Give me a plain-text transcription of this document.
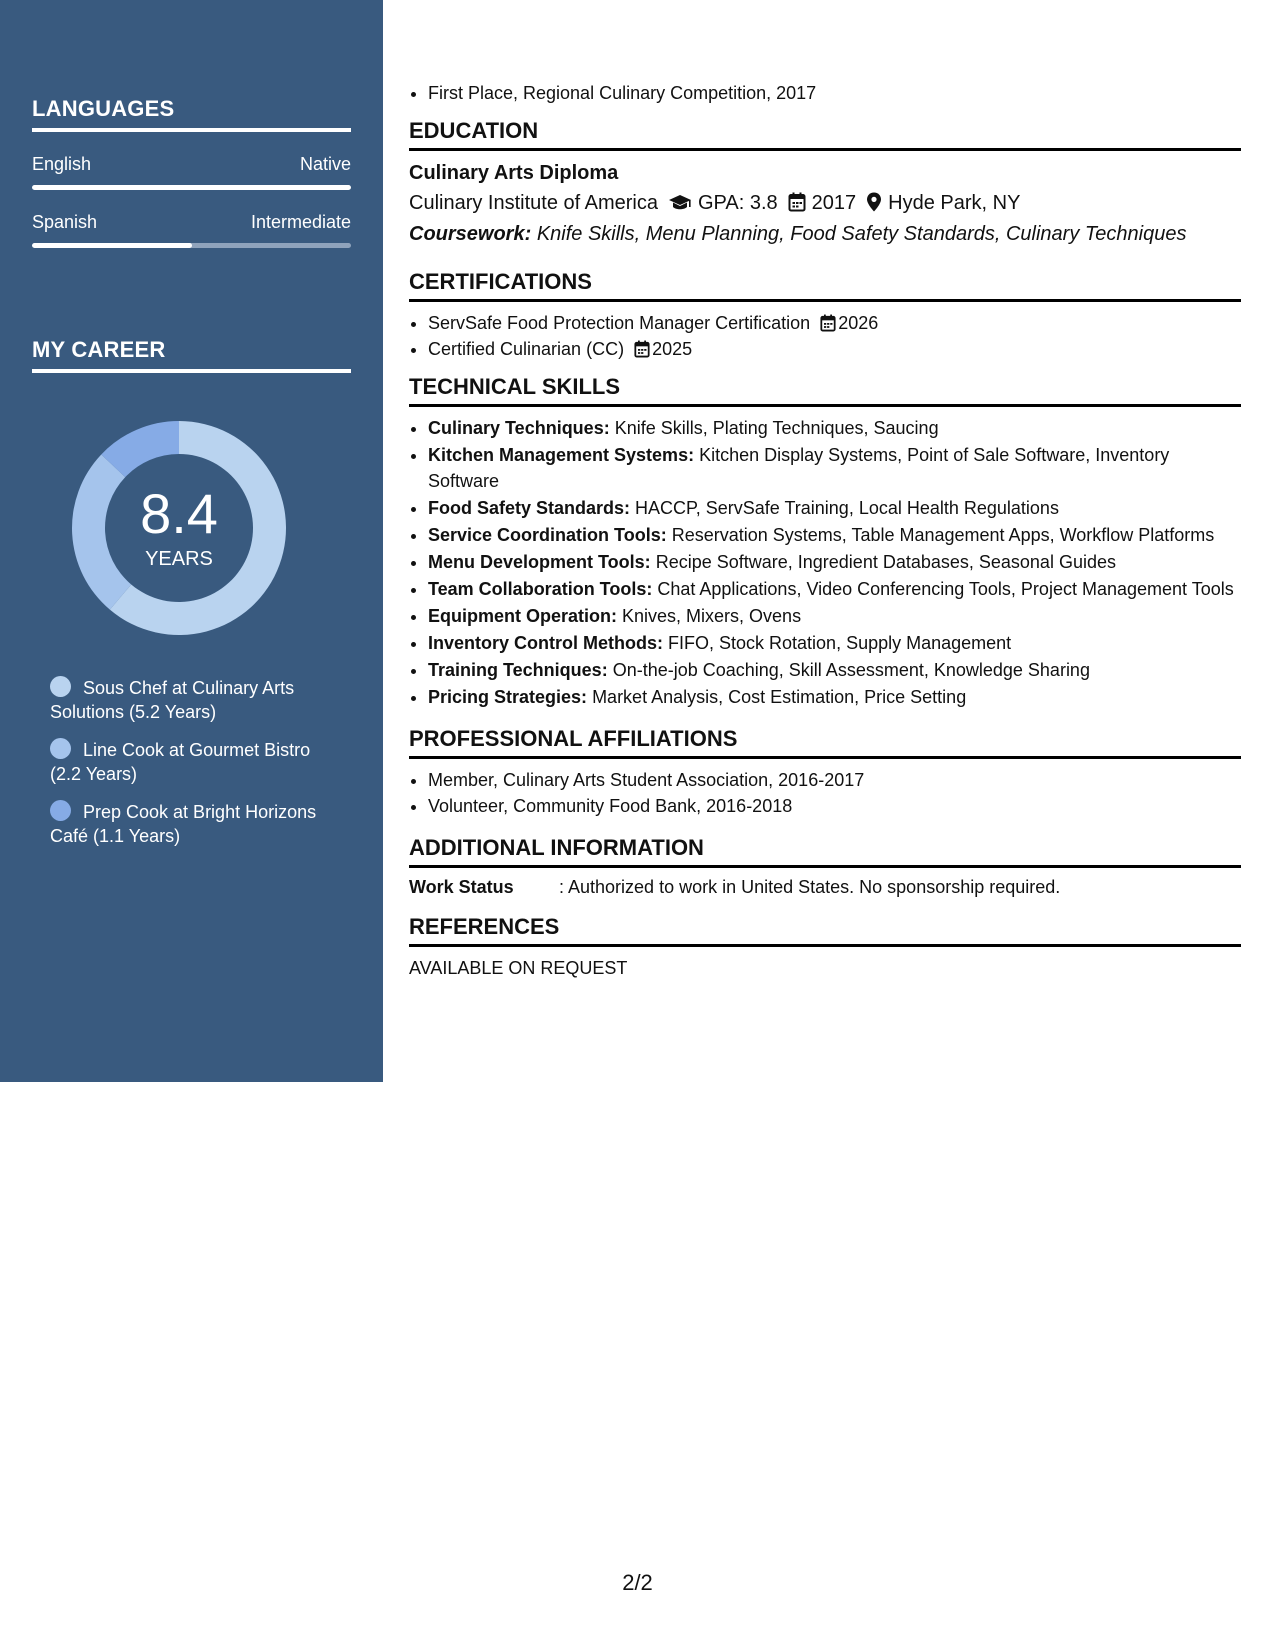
LANGUAGES
English	Native
Spanish	Intermediate
MY CAREER
8.4
YEARS
Sous Chef at Culinary Arts Solutions (5.2 Years)
Line Cook at Gourmet Bistro (2.2 Years)
Prep Cook at Bright Horizons Café (1.1 Years)
• First Place, Regional Culinary Competition, 2017
EDUCATION
Culinary Arts Diploma
Culinary Institute of America GPA: 3.8 2017 Hyde Park, NY
Coursework: Knife Skills, Menu Planning, Food Safety Standards, Culinary Techniques
CERTIFICATIONS
• ServSafe Food Protection Manager Certification 2026
• Certified Culinarian (CC) 2025
TECHNICAL SKILLS
• Culinary Techniques: Knife Skills, Plating Techniques, Saucing
• Kitchen Management Systems: Kitchen Display Systems, Point of Sale Software, Inventory Software
• Food Safety Standards: HACCP, ServSafe Training, Local Health Regulations
• Service Coordination Tools: Reservation Systems, Table Management Apps, Workflow Platforms
• Menu Development Tools: Recipe Software, Ingredient Databases, Seasonal Guides
• Team Collaboration Tools: Chat Applications, Video Conferencing Tools, Project Management Tools
• Equipment Operation: Knives, Mixers, Ovens
• Inventory Control Methods: FIFO, Stock Rotation, Supply Management
• Training Techniques: On-the-job Coaching, Skill Assessment, Knowledge Sharing
• Pricing Strategies: Market Analysis, Cost Estimation, Price Setting
PROFESSIONAL AFFILIATIONS
• Member, Culinary Arts Student Association, 2016-2017
• Volunteer, Community Food Bank, 2016-2018
ADDITIONAL INFORMATION
Work Status	: Authorized to work in United States. No sponsorship required.
REFERENCES
AVAILABLE ON REQUEST
2/2
